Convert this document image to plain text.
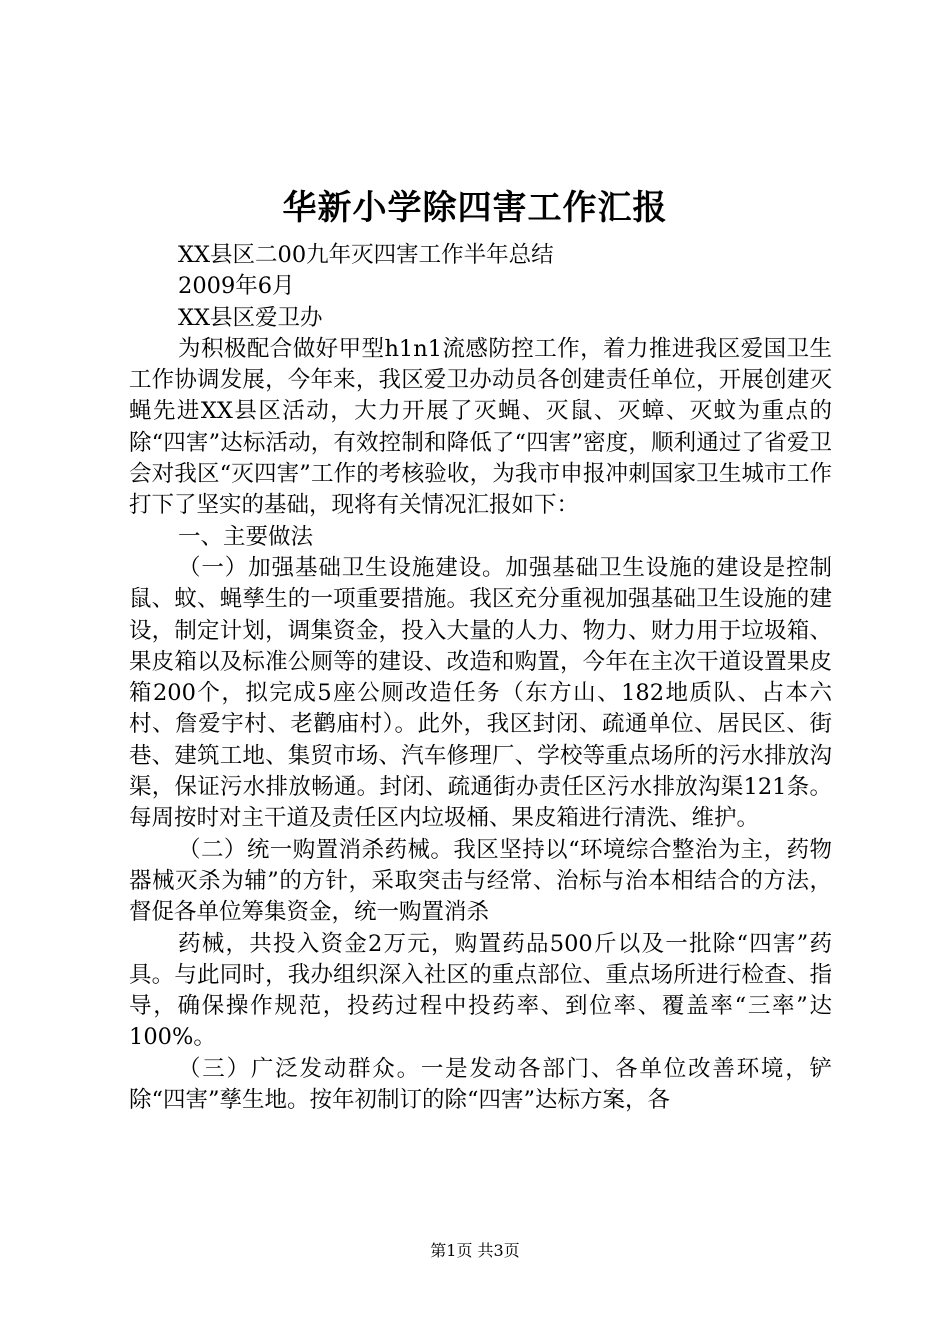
华新小学除四害工作汇报
XX县区二00九年灭四害工作半年总结
2009年6月
XX县区爱卫办

为积极配合做好甲型h1n1流感防控工作，着力推进我区爱国卫生工作协调发展，今年来，我区爱卫办动员各创建责任单位，开展创建灭蝇先进XX县区活动，大力开展了灭蝇、灭鼠、灭蟑、灭蚊为重点的除“四害”达标活动，有效控制和降低了“四害”密度，顺利通过了省爱卫会对我区“灭四害”工作的考核验收，为我市申报冲刺国家卫生城市工作打下了坚实的基础，现将有关情况汇报如下：

一、主要做法

（一）加强基础卫生设施建设。加强基础卫生设施的建设是控制鼠、蚊、蝇孳生的一项重要措施。我区充分重视加强基础卫生设施的建设，制定计划，调集资金，投入大量的人力、物力、财力用于垃圾箱、果皮箱以及标准公厕等的建设、改造和购置，今年在主次干道设置果皮箱200个，拟完成5座公厕改造任务（东方山、182地质队、占本六村、詹爱宇村、老鹳庙村）。此外，我区封闭、疏通单位、居民区、街巷、建筑工地、集贸市场、汽车修理厂、学校等重点场所的污水排放沟渠，保证污水排放畅通。封闭、疏通街办责任区污水排放沟渠121条。每周按时对主干道及责任区内垃圾桶、果皮箱进行清洗、维护。

（二）统一购置消杀药械。我区坚持以“环境综合整治为主，药物器械灭杀为辅”的方针，采取突击与经常、治标与治本相结合的方法，督促各单位筹集资金，统一购置消杀

药械，共投入资金2万元，购置药品500斤以及一批除“四害”药具。与此同时，我办组织深入社区的重点部位、重点场所进行检查、指导，确保操作规范，投药过程中投药率、到位率、覆盖率“三率”达100%。

（三）广泛发动群众。一是发动各部门、各单位改善环境，铲除“四害”孳生地。按年初制订的除“四害”达标方案，各

第1页 共3页
